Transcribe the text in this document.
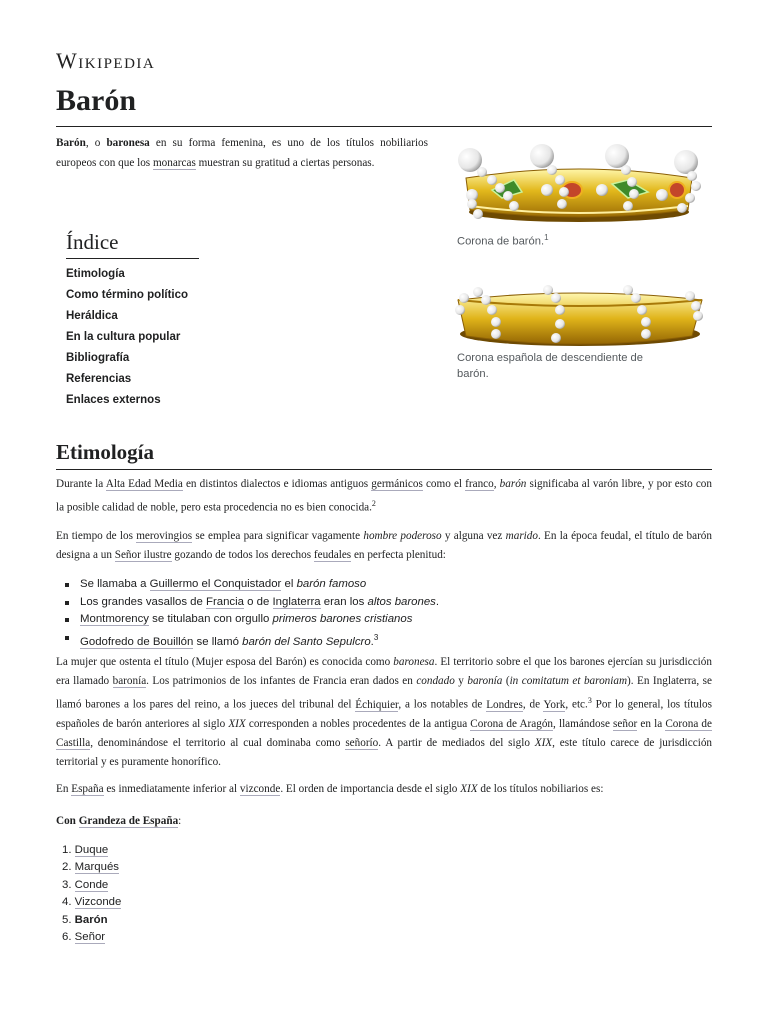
Wikipedia
Barón
Barón, o baronesa en su forma femenina, es uno de los títulos nobiliarios europeos con que los monarcas muestran su gratitud a ciertas personas.
Índice
Etimología
Como término político
Heráldica
En la cultura popular
Bibliografía
Referencias
Enlaces externos
Corona de barón.$^1$
Corona española de descendiente de barón.
Etimología
Durante la Alta Edad Media en distintos dialectos e idiomas antiguos germánicos como el franco, barón significaba al varón libre, y por esto con la posible calidad de noble, pero esta procedencia no es bien conocida.$^2$
En tiempo de los merovingios se emplea para significar vagamente hombre poderoso y alguna vez marido. En la época feudal, el título de barón designa a un Señor ilustre gozando de todos los derechos feudales en perfecta plenitud:
Se llamaba a Guillermo el Conquistador el barón famoso
Los grandes vasallos de Francia o de Inglaterra eran los altos barones.
Montmorency se titulaban con orgullo primeros barones cristianos
Godofredo de Bouillón se llamó barón del Santo Sepulcro.$^3$
La mujer que ostenta el título (Mujer esposa del Barón) es conocida como baronesa. El territorio sobre el que los barones ejercían su jurisdicción era llamado baronía. Los patrimonios de los infantes de Francia eran dados en condado y baronía (in comitatum et baroniam). En Inglaterra, se llamó barones a los pares del reino, a los jueces del tribunal del Échiquier, a los notables de Londres, de York, etc.$^3$ Por lo general, los títulos españoles de barón anteriores al siglo XIX corresponden a nobles procedentes de la antigua Corona de Aragón, llamándose señor en la Corona de Castilla, denominándose el territorio al cual dominaba como señorío. A partir de mediados del siglo XIX, este título carece de jurisdicción territorial y es puramente honorífico.
En España es inmediatamente inferior al vizconde. El orden de importancia desde el siglo XIX de los títulos nobiliarios es:
Con Grandeza de España:
1. Duque
2. Marqués
3. Conde
4. Vizconde
5. Barón
6. Señor
